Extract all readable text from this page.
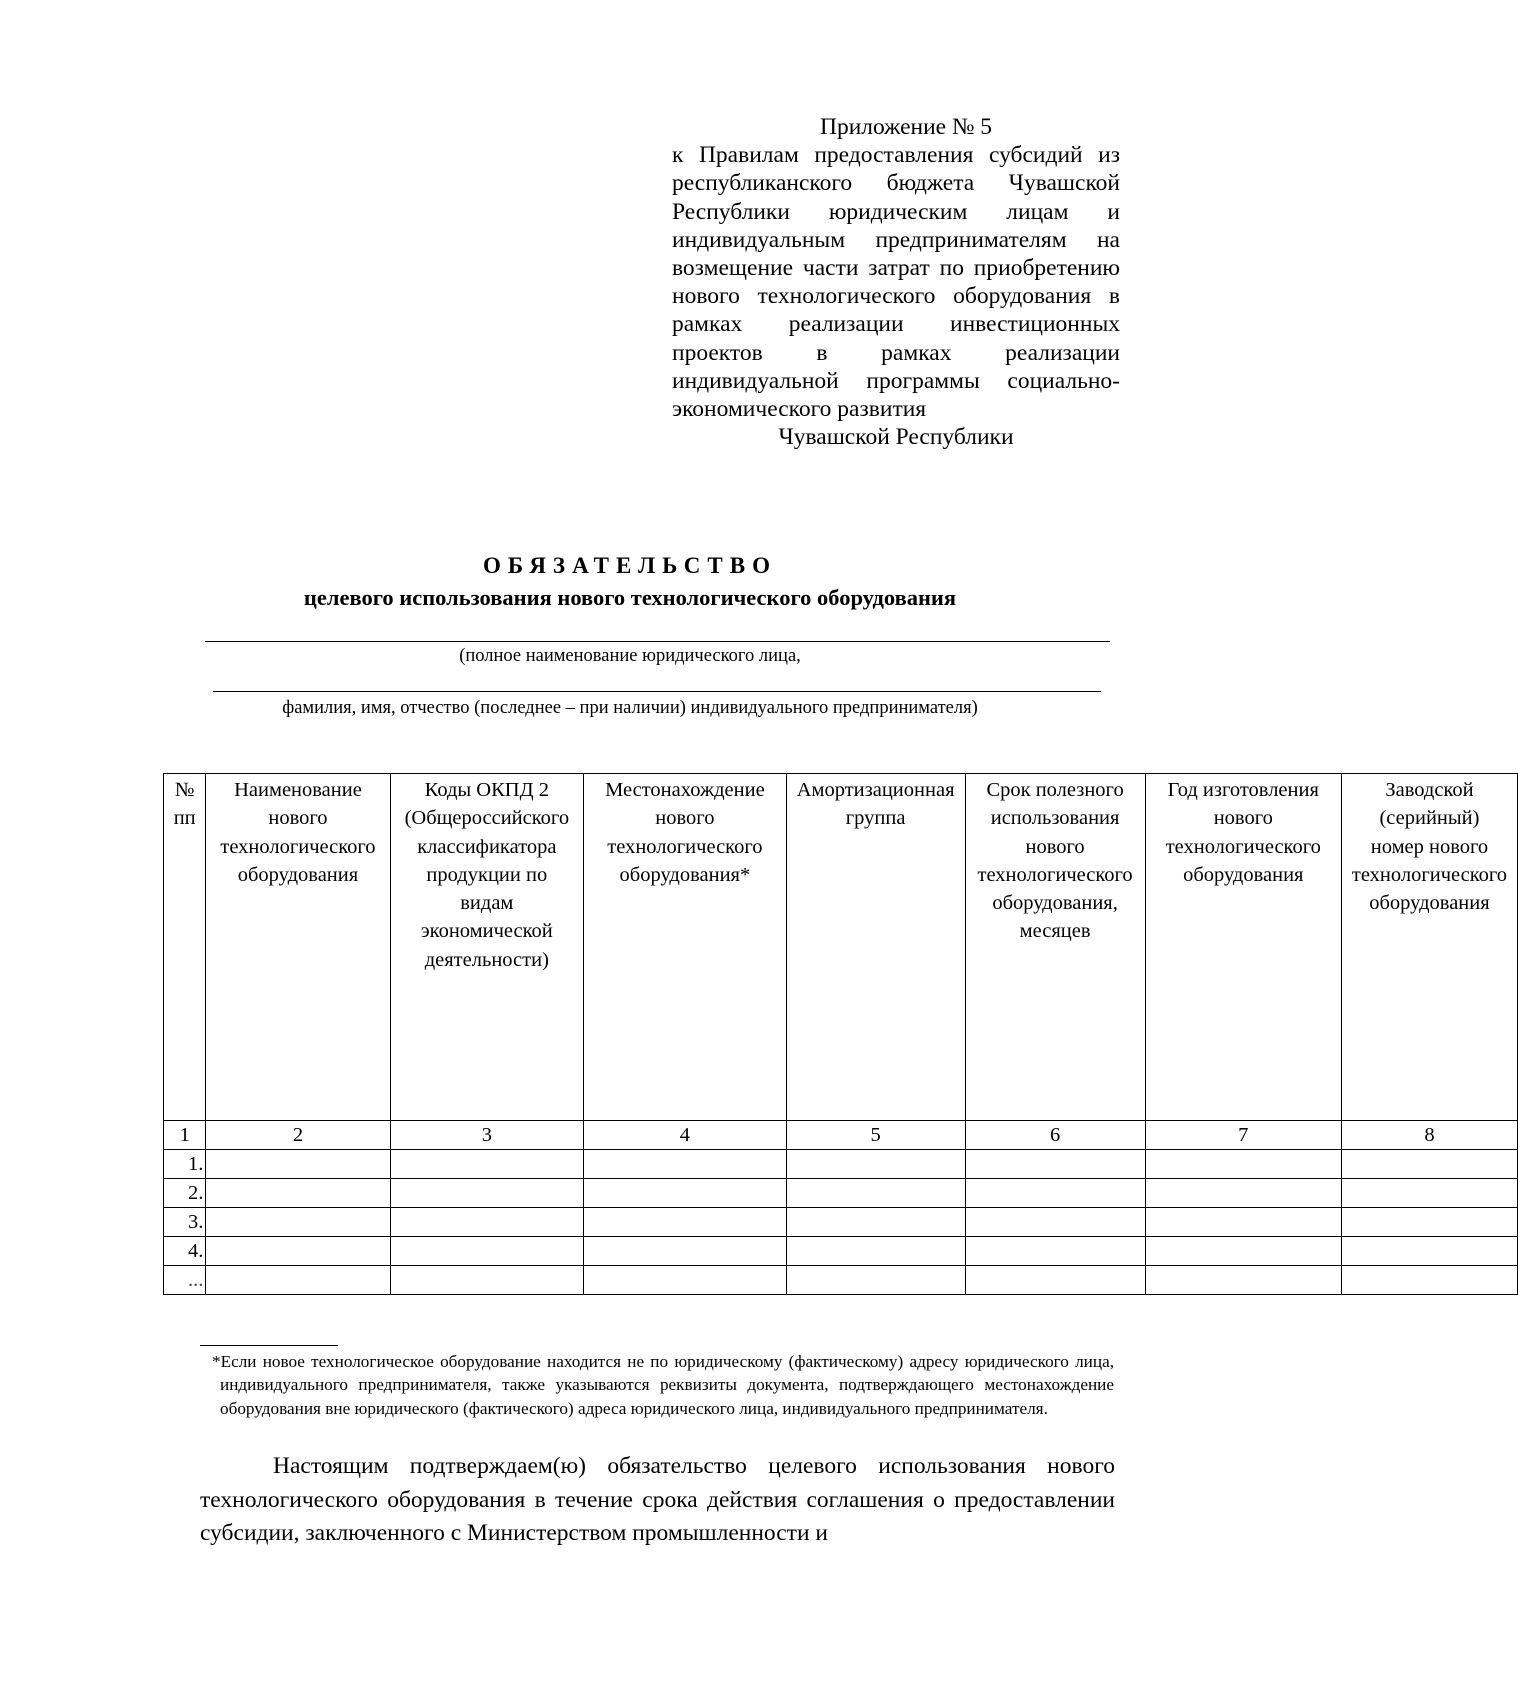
Приложение № 5
к Правилам предоставления субсидий из республиканского бюджета Чувашской Республики юридическим лицам и индивидуальным предпринимателям на возмещение части затрат по приобретению нового технологического оборудования в рамках реализации инвестиционных проектов в рамках реализации индивидуальной программы социально-экономического развития
Чувашской Республики
ОБЯЗАТЕЛЬСТВО
целевого использования нового технологического оборудования
(полное наименование юридического лица,
фамилия, имя, отчество (последнее – при наличии) индивидуального предпринимателя)
№ пп	Наименование нового технологического оборудования	Коды ОКПД 2 (Общероссийского классификатора продукции по видам экономической деятельности)	Местонахождение нового технологического оборудования*	Амортизационная группа	Срок полезного использования нового технологического оборудования, месяцев	Год изготовления нового технологического оборудования	Заводской (серийный) номер нового технологического оборудования
1	2	3	4	5	6	7	8
1.							
2.							
3.							
4.							
...							

*Если новое технологическое оборудование находится не по юридическому (фактическому) адресу юридического лица, индивидуального предпринимателя, также указываются реквизиты документа, подтверждающего местонахождение оборудования вне юридического (фактического) адреса юридического лица, индивидуального предпринимателя.

Настоящим подтверждаем(ю) обязательство целевого использования нового технологического оборудования в течение срока действия соглашения о предоставлении субсидии, заключенного с Министерством промышленности и
